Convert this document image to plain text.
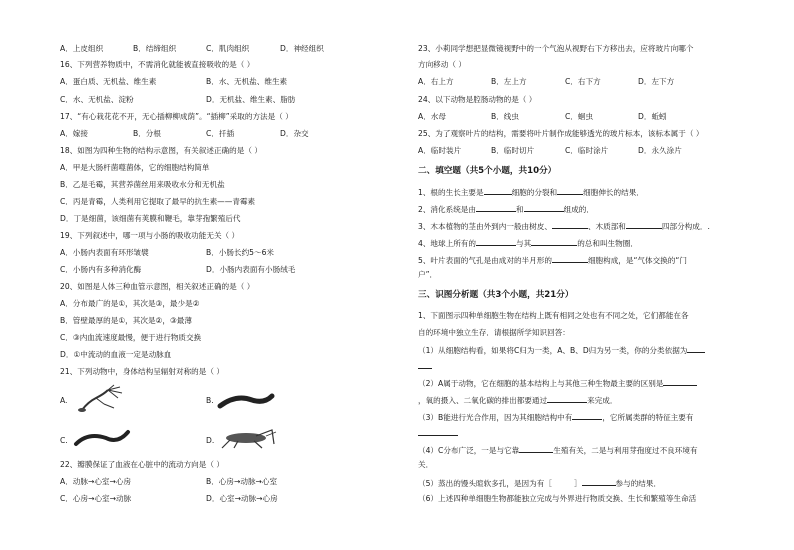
A．上皮组织	B．结缔组织	C．肌肉组织	D．神经组织
16、下列营养物质中，不需消化就能被直接吸收的是（ ）
A．蛋白质、无机盐、维生素	B．水、无机盐、维生素
C．水、无机盐、淀粉	D．无机盐、维生素、脂肪
17、“有心栽花花不开，无心插柳柳成荫”。“插柳”采取的方法是（ ）
A．嫁接	B．分根	C．扦插	D．杂交
18、如图为四种生物的结构示意图，有关叙述正确的是（ ）
A．甲是大肠杆菌噬菌体，它的细胞结构简单
B．乙是毛霉，其营养菌丝用来吸收水分和无机盐
C．丙是青霉，人类利用它提取了最早的抗生素——青霉素
D．丁是细菌，该细菌有荚膜和鞭毛，靠芽孢繁殖后代
19、下列叙述中，哪一项与小肠的吸收功能无关（ ）
A．小肠内表面有环形皱襞	B．小肠长约5～6米
C．小肠内有多种消化酶	D．小肠内表面有小肠绒毛
20、如图是人体三种血管示意图，相关叙述正确的是（ ）
A．分布最广的是①，其次是③，最少是②
B．管壁最厚的是①，其次是②，③最薄
C．③内血流速度最慢，便于进行物质交换
D．①中流动的血液一定是动脉血
21、下列动物中，身体结构呈辐射对称的是（ ）
A.	B.
C.	D.
22、瓣膜保证了血液在心脏中的流动方向是（ ）
A．动脉→心室→心房	B．心房→动脉→心室
C．心房→心室→动脉	D．心室→动脉→心房
23、小莉同学想把显微镜视野中的一个气泡从视野右下方移出去，应将玻片向哪个
方向移动（ ）
A．右上方	B．左上方	C．右下方	D．左下方
24、以下动物是腔肠动物的是（ ）
A．水母	B．线虫	C．蛔虫	D．蚯蚓
25、为了观察叶片的结构，需要将叶片制作成能够透光的玻片标本，该标本属于（ ）
A．临时装片	B．临时切片	C．临时涂片	D．永久涂片
二、填空题（共5个小题，共10分）
1、根的生长主要是	细胞的分裂和	细胞伸长的结果．
2、消化系统是由	和	组成的．
3、木本植物的茎由外到内一般由树皮、	、木质部和	四部分构成．.
4、地球上所有的	与其	的总和叫生物圈．
5、叶片表面的气孔是由成对的半月形的	细胞构成，是“气体交换的“门
户”．
三、识图分析题（共3个小题，共21分）
1、下面图示四种单细胞生物在结构上既有相同之处也有不同之处，它们都能在各
自的环境中独立生存．请根据所学知识回答：
（1）从细胞结构看，如果将C归为一类，A、B、D归为另一类，你的分类依据为
（2）A属于动物，它在细胞的基本结构上与其他三种生物最主要的区别是
，氧的摄入、二氧化碳的排出都要通过	来完成．
（3）B能进行光合作用，因为其细胞结构中有	，它所属类群的特征主要有
（4）C分布广泛，一是与它靠	生殖有关，二是与利用芽孢度过不良环境有
关．
（5）蒸出的馒头暄软多孔，是因为有［	］	参与的结果．
（6）上述四种单细胞生物都能独立完成与外界进行物质交换、生长和繁殖等生命活
